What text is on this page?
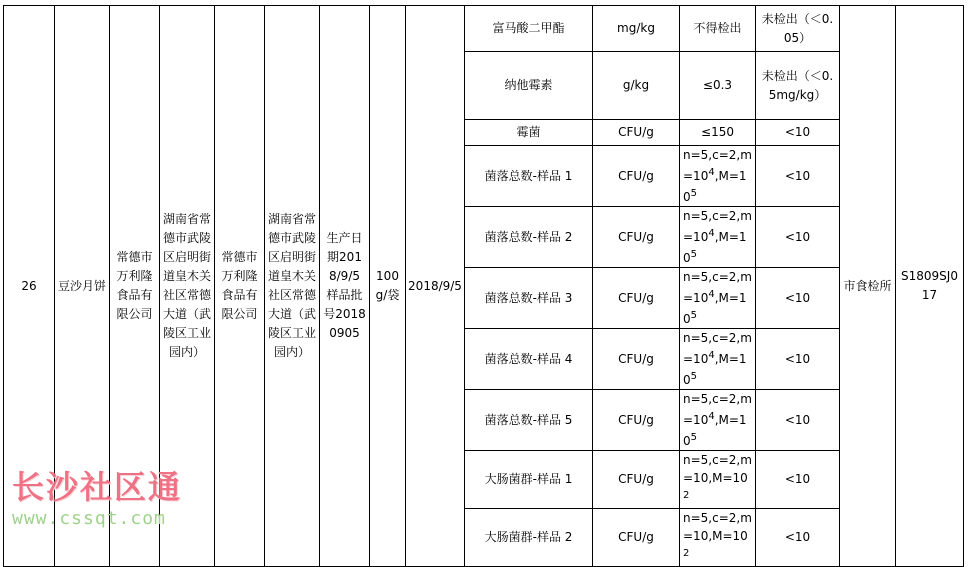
26	豆沙月饼	常德市万利隆食品有限公司	湖南省常德市武陵区启明街道皇木关社区常德大道（武陵区工业园内）	常德市万利隆食品有限公司	湖南省常德市武陵区启明街道皇木关社区常德大道（武陵区工业园内）	生产日期2018/9/5 样品批号20180905	100g/袋	2018/9/5	富马酸二甲酯	mg/kg	不得检出	未检出（＜0.05）	市食检所	S1809SJ017
									纳他霉素	g/kg	≤0.3	未检出（＜0.5mg/kg）		
									霉菌	CFU/g	≤150	<10		
									菌落总数-样品 1	CFU/g	n=5,c=2,m
$=10^4,M=10^5$	<10		
									菌落总数-样品 2	CFU/g	n=5,c=2,m
$=10^4,M=10^5$	<10		
									菌落总数-样品 3	CFU/g	n=5,c=2,m
$=10^4,M=10^5$	<10		
									菌落总数-样品 4	CFU/g	n=5,c=2,m
$=10^4,M=10^5$	<10		
									菌落总数-样品 5	CFU/g	n=5,c=2,m
$=10^4,M=10^5$	<10		
									大肠菌群-样品 1	CFU/g	n=5,c=2,m
$=10,M=10^2$	<10		
									大肠菌群-样品 2	CFU/g	n=5,c=2,m
$=10,M=10^2$	<10		
长沙社区通
www.cssqt.com
